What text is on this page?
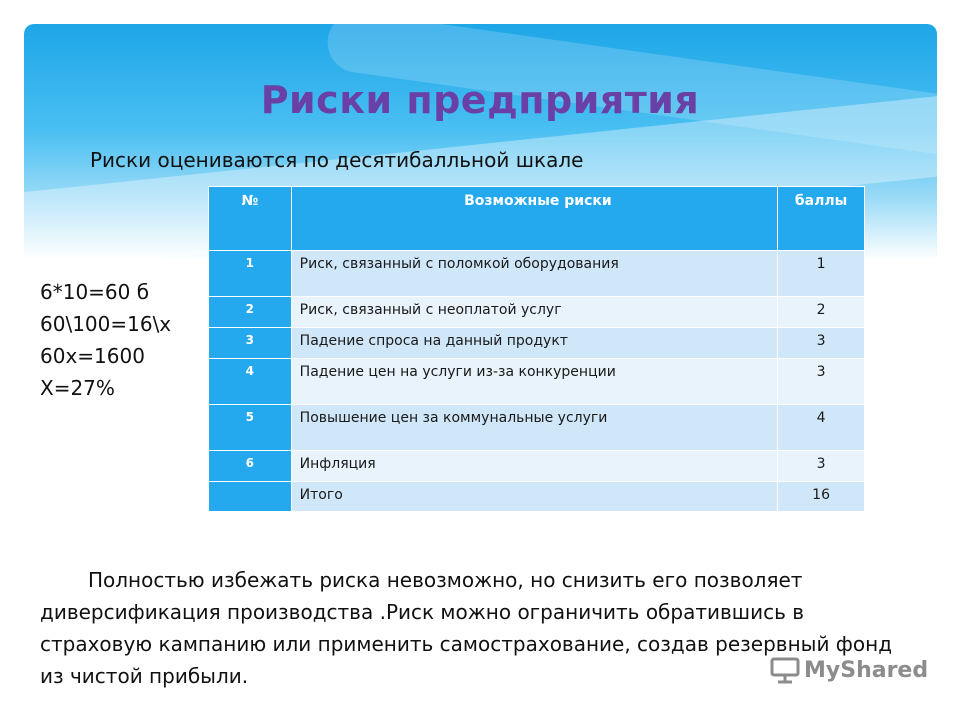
Риски предприятия
Риски оцениваются по десятибалльной шкале
6*10=60 б
60\100=16\x
60x=1600
X=27%
№	Возможные риски	баллы
1	Риск, связанный с поломкой оборудования	1
2	Риск, связанный с неоплатой услуг	2
3	Падение спроса на данный продукт	3
4	Падение цен на услуги из-за конкуренции	3
5	Повышение цен за коммунальные услуги	4
6	Инфляция	3
	Итого	16
Полностью избежать риска невозможно, но снизить его позволяет диверсификация производства .Риск можно ограничить обратившись в страховую кампанию или применить самострахование, создав резервный фонд из чистой прибыли.	MyShared
